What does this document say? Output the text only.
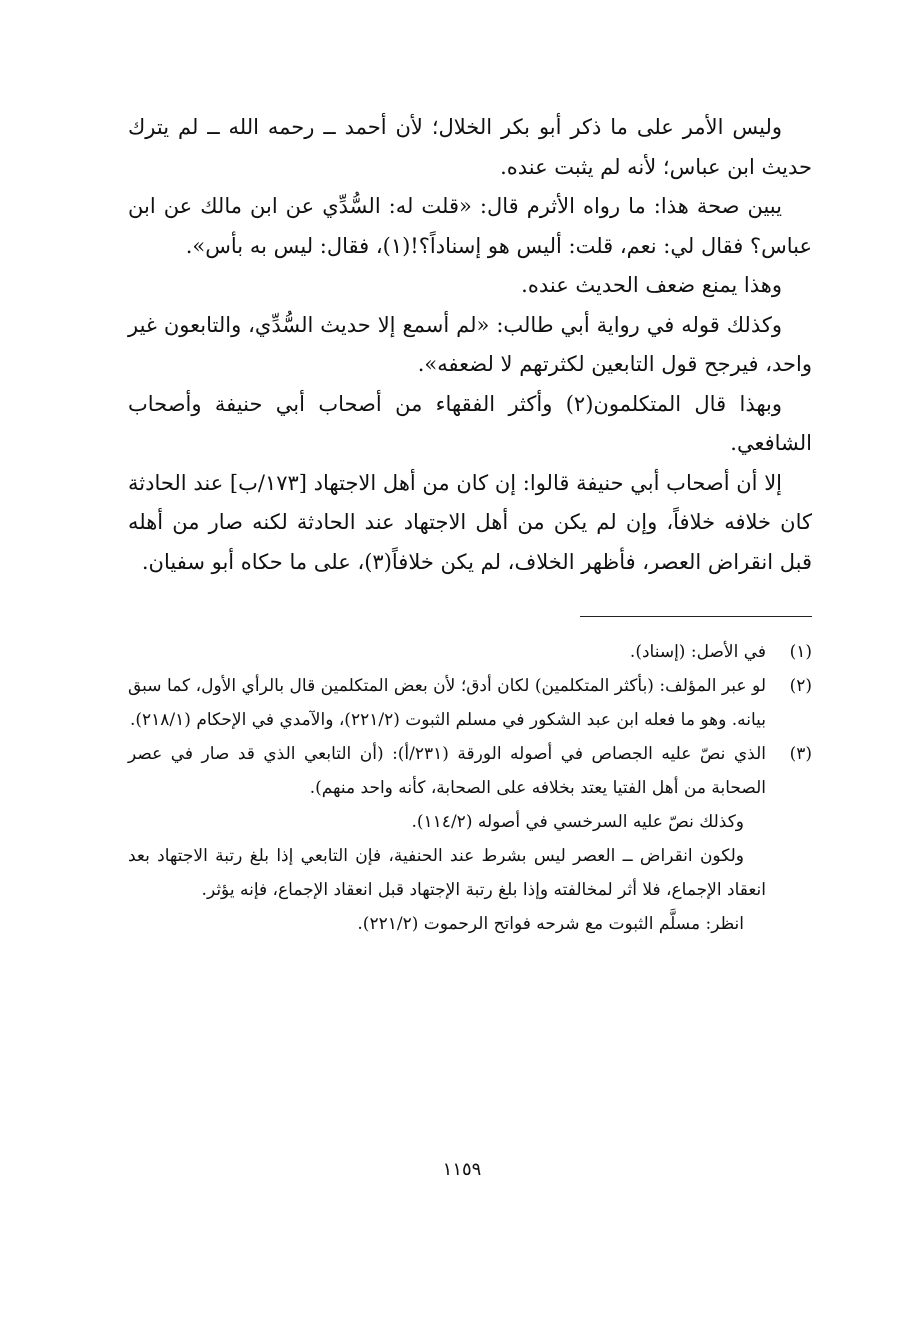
وليس الأمر على ما ذكر أبو بكر الخلال؛ لأن أحمد ــ رحمه الله ــ لم يترك حديث ابن عباس؛ لأنه لم يثبت عنده.

يبين صحة هذا: ما رواه الأثرم قال: «قلت له: السُّدِّي عن ابن مالك عن ابن عباس؟ فقال لي: نعم، قلت: أليس هو إسناداً؟!(١)، فقال: ليس به بأس».

وهذا يمنع ضعف الحديث عنده.

وكذلك قوله في رواية أبي طالب: «لم أسمع إلا حديث السُّدِّي، والتابعون غير واحد، فيرجح قول التابعين لكثرتهم لا لضعفه».

وبهذا قال المتكلمون(٢) وأكثر الفقهاء من أصحاب أبي حنيفة وأصحاب الشافعي.

إلا أن أصحاب أبي حنيفة قالوا: إن كان من أهل الاجتهاد [١٧٣/ب] عند الحادثة كان خلافه خلافاً، وإن لم يكن من أهل الاجتهاد عند الحادثة لكنه صار من أهله قبل انقراض العصر، فأظهر الخلاف، لم يكن خلافاً(٣)، على ما حكاه أبو سفيان.

(١)

في الأصل: (إسناد).

(٢)

لو عبر المؤلف: (بأكثر المتكلمين) لكان أدق؛ لأن بعض المتكلمين قال بالرأي الأول، كما سبق بيانه. وهو ما فعله ابن عبد الشكور في مسلم الثبوت (٢٢١/٢)، والآمدي في الإحكام (٢١٨/١).

(٣)

الذي نصّ عليه الجصاص في أصوله الورقة (٢٣١/أ): (أن التابعي الذي قد صار في عصر الصحابة من أهل الفتيا يعتد بخلافه على الصحابة، كأنه واحد منهم).

وكذلك نصّ عليه السرخسي في أصوله (١١٤/٢).

ولكون انقراض ــ العصر ليس بشرط عند الحنفية، فإن التابعي إذا بلغ رتبة الاجتهاد بعد انعقاد الإجماع، فلا أثر لمخالفته وإذا بلغ رتبة الإجتهاد قبل انعقاد الإجماع، فإنه يؤثر.

انظر: مسلَّم الثبوت مع شرحه فواتح الرحموت (٢٢١/٢).

١١٥٩
